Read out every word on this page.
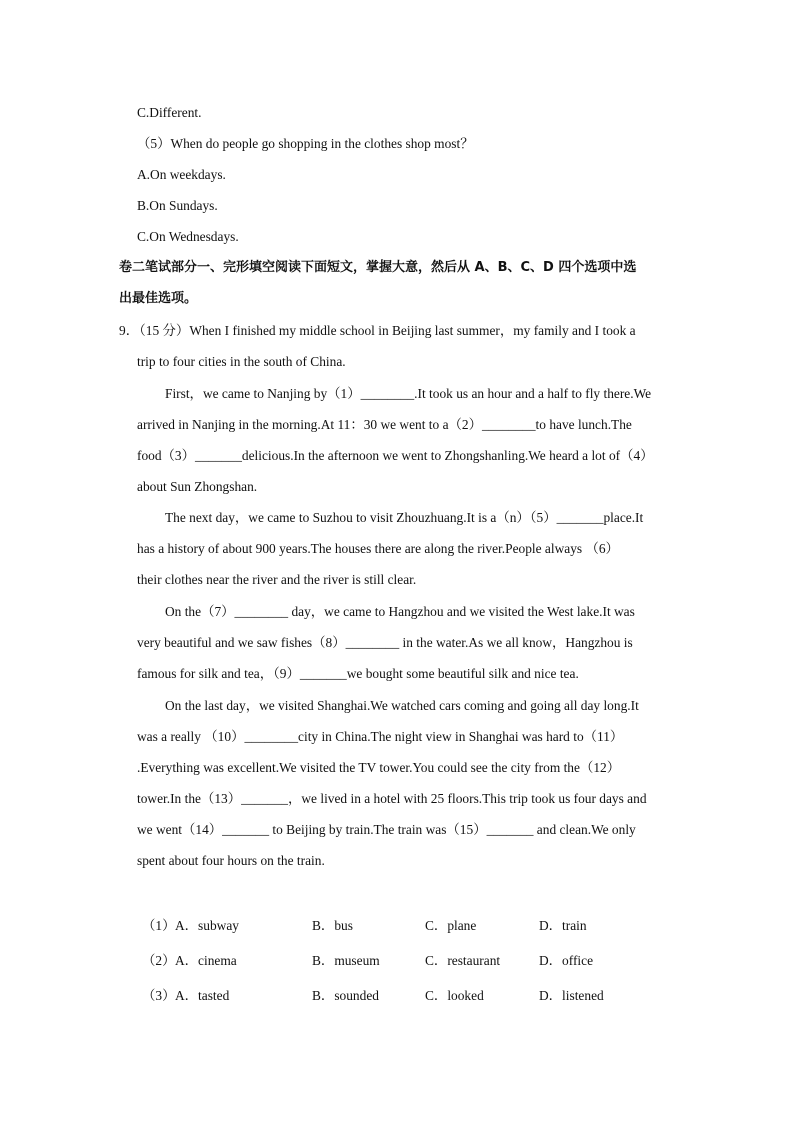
C.Different.
（5）When do people go shopping in the clothes shop most？
A.On weekdays.
B.On Sundays.
C.On Wednesdays.
卷二笔试部分一、完形填空阅读下面短文，掌握大意，然后从 A、B、C、D 四个选项中选
出最佳选项。
9．（15 分）When I finished my middle school in Beijing last summer，my family and I took a
trip to four cities in the south of China.
First，we came to Nanjing by（1）________.It took us an hour and a half to fly there.We
arrived in Nanjing in the morning.At 11：30 we went to a（2）________to have lunch.The
food（3）_______delicious.In the afternoon we went to Zhongshanling.We heard a lot of（4）
about Sun Zhongshan.
The next day，we came to Suzhou to visit Zhouzhuang.It is a（n）（5）_______place.It
has a history of about 900 years.The houses there are along the river.People always （6）
their clothes near the river and the river is still clear.
On the（7）________ day，we came to Hangzhou and we visited the West lake.It was
very beautiful and we saw fishes（8）________ in the water.As we all know，Hangzhou is
famous for silk and tea，（9）_______we bought some beautiful silk and nice tea.
On the last day，we visited Shanghai.We watched cars coming and going all day long.It
was a really （10）________city in China.The night view in Shanghai was hard to（11）
.Everything was excellent.We visited the TV tower.You could see the city from the（12）
tower.In the（13）_______，we lived in a hotel with 25 floors.This trip took us four days and
we went（14）_______ to Beijing by train.The train was（15）_______ and clean.We only
spent about four hours on the train.
（1） A．subway	B．bus	C．plane	D．train
（2） A．cinema	B．museum	C．restaurant	D．office
（3） A．tasted	B．sounded	C．looked	D．listened
